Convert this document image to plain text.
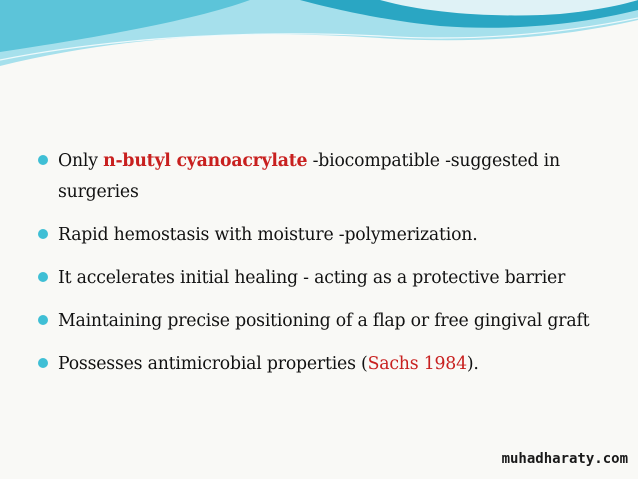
Only n-butyl cyanoacrylate -biocompatible -suggested in surgeries
Rapid hemostasis with moisture -polymerization.
It accelerates initial healing - acting as a protective barrier
Maintaining precise positioning of a flap or free gingival graft
Possesses antimicrobial properties (Sachs 1984).
muhadharaty.com
